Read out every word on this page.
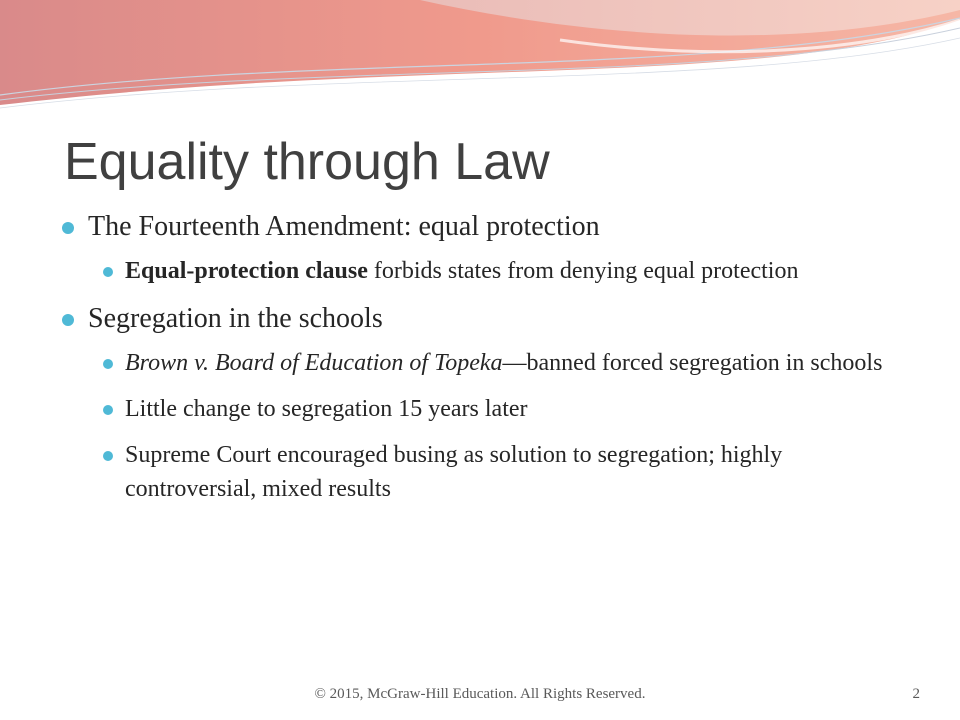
Equality through Law
The Fourteenth Amendment: equal protection
Equal-protection clause forbids states from denying equal protection
Segregation in the schools
Brown v. Board of Education of Topeka—banned forced segregation in schools
Little change to segregation 15 years later
Supreme Court encouraged busing as solution to segregation; highly controversial, mixed results
© 2015, McGraw-Hill Education. All Rights Reserved.	2
